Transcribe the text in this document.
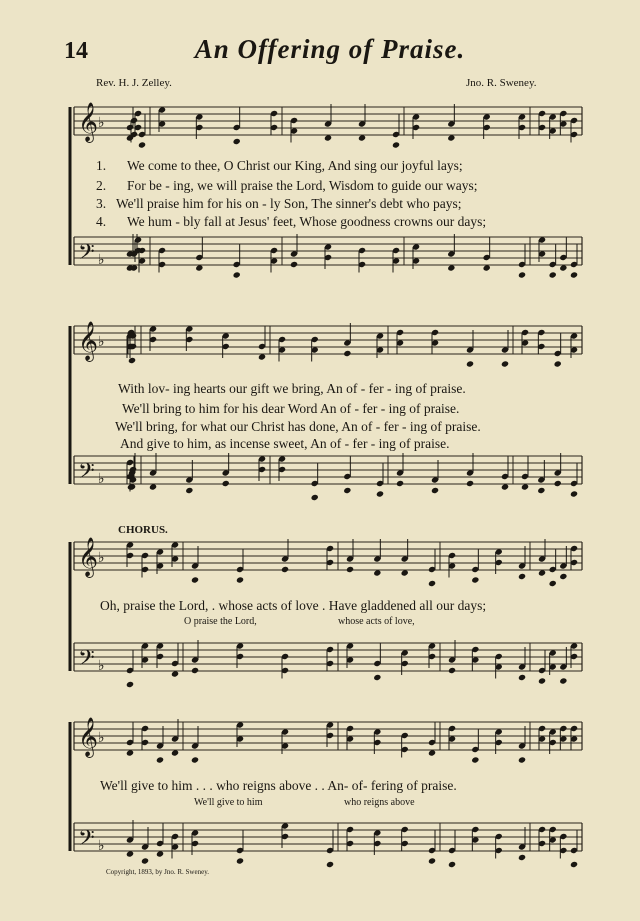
𝄞 ♭
𝄢 ♭
𝄞 ♭
𝄢 ♭
𝄞 ♭
𝄢 ♭
𝄞 ♭
𝄢 ♭
14	An Offering of Praise.
Rev. H. J. Zelley.	Jno. R. Sweney.
1.	We come to thee, O Christ our King, And sing our joyful lays;
2.	For be - ing, we will praise the Lord, Wisdom to guide our ways;
3. We'll praise him for his on - ly Son, The sinner's debt who pays;
4.	We hum - bly fall at Jesus' feet, Whose goodness crowns our days;
With lov- ing hearts our gift we bring, An of - fer - ing of praise.
We'll bring to him for his dear Word An of - fer - ing of praise.
We'll bring, for what our Christ has done, An of - fer - ing of praise.
And give to him, as incense sweet, An of - fer - ing of praise.
CHORUS.
Oh, praise the Lord, . whose acts of love . Have gladdened all our days;
O praise the Lord,	whose acts of love,
We'll give to him . . . who reigns above . . An- of- fering of praise.
We'll give to him	who reigns above
Copyright, 1893, by Jno. R. Sweney.
